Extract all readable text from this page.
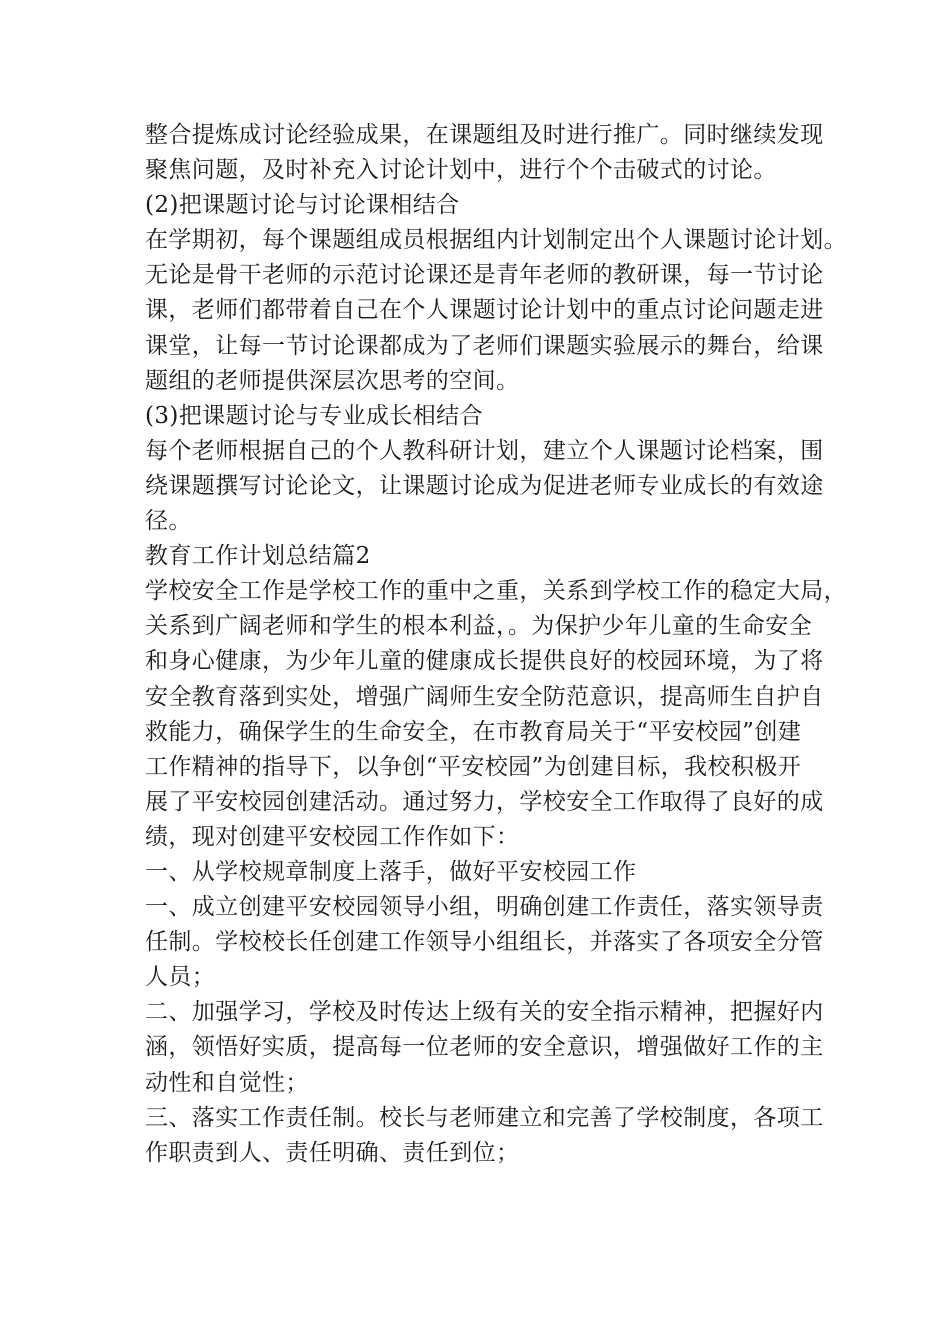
整合提炼成讨论经验成果，在课题组及时进行推广。同时继续发现
聚焦问题，及时补充入讨论计划中，进行个个击破式的讨论。
(2)把课题讨论与讨论课相结合
在学期初，每个课题组成员根据组内计划制定出个人课题讨论计划。
无论是骨干老师的示范讨论课还是青年老师的教研课，每一节讨论
课，老师们都带着自己在个人课题讨论计划中的重点讨论问题走进
课堂，让每一节讨论课都成为了老师们课题实验展示的舞台，给课
题组的老师提供深层次思考的空间。
(3)把课题讨论与专业成长相结合
每个老师根据自己的个人教科研计划，建立个人课题讨论档案，围
绕课题撰写讨论论文，让课题讨论成为促进老师专业成长的有效途
径。
教育工作计划总结篇2
学校安全工作是学校工作的重中之重，关系到学校工作的稳定大局，
关系到广阔老师和学生的根本利益，。为保护少年儿童的生命安全
和身心健康，为少年儿童的健康成长提供良好的校园环境，为了将
安全教育落到实处，增强广阔师生安全防范意识，提高师生自护自
救能力，确保学生的生命安全，在市教育局关于“平安校园”创建
工作精神的指导下，以争创“平安校园”为创建目标，我校积极开
展了平安校园创建活动。通过努力，学校安全工作取得了良好的成
绩，现对创建平安校园工作作如下：
一、从学校规章制度上落手，做好平安校园工作
一、成立创建平安校园领导小组，明确创建工作责任，落实领导责
任制。学校校长任创建工作领导小组组长，并落实了各项安全分管
人员；
二、加强学习，学校及时传达上级有关的安全指示精神，把握好内
涵，领悟好实质，提高每一位老师的安全意识，增强做好工作的主
动性和自觉性；
三、落实工作责任制。校长与老师建立和完善了学校制度，各项工
作职责到人、责任明确、责任到位；
